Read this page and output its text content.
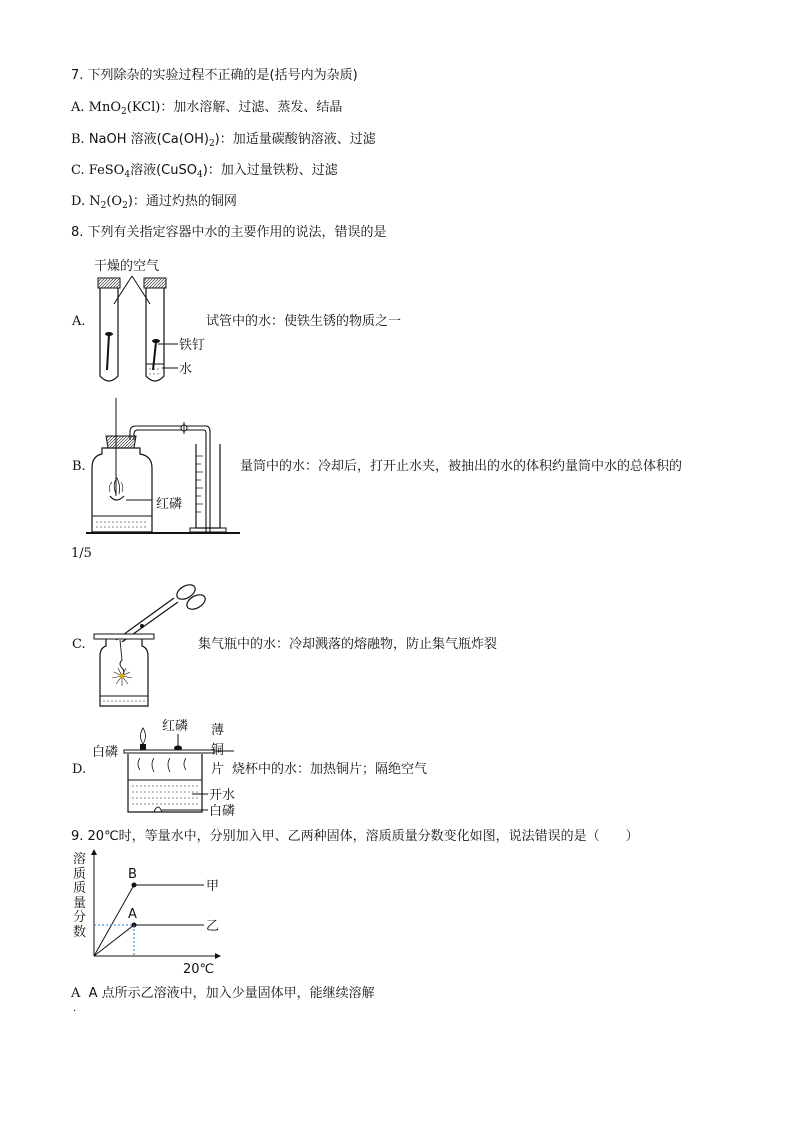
7. 下列除杂的实验过程不正确的是(括号内为杂质)
A. MnO$_2$(KCl)：加水溶解、过滤、蒸发、结晶
B. NaOH 溶液$(Ca(OH)_2)$：加适量碳酸钠溶液、过滤
C. FeSO$_4$溶液(CuSO$_4$)：加入过量铁粉、过滤
D. $N_2(O_2)$：通过灼热的铜网
8. 下列有关指定容器中水的主要作用的说法，错误的是
A.
干燥的空气
铁钉
水
试管中的水：使铁生锈的物质之一
B.
红磷
量筒中的水：冷却后，打开止水夹，被抽出的水的体积约量筒中水的总体积的
1/5
C.	集气瓶中的水：冷却溅落的熔融物，防止集气瓶炸裂
D.
红磷
白磷
开水
白磷
薄
铜
片 烧杯中的水：加热铜片；隔绝空气
9. 20℃时，等量水中，分别加入甲、乙两种固体，溶质质量分数变化如图，说法错误的是（　　）
溶
质
质
量
分
数
B
A
甲
乙
20℃
A A 点所示乙溶液中，加入少量固体甲，能继续溶解
．
